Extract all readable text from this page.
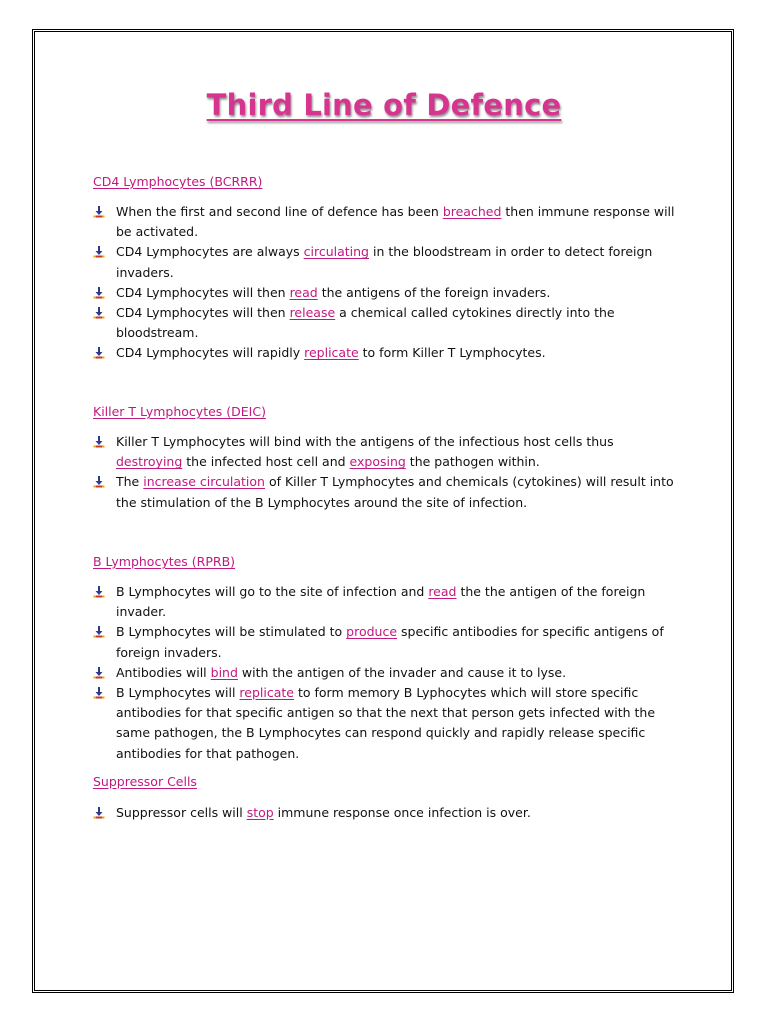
Third Line of Defence
CD4 Lymphocytes (BCRRR)
When the first and second line of defence has been breached then immune response will be activated.
CD4 Lymphocytes are always circulating in the bloodstream in order to detect foreign invaders.
CD4 Lymphocytes will then read the antigens of the foreign invaders.
CD4 Lymphocytes will then release a chemical called cytokines directly into the bloodstream.
CD4 Lymphocytes will rapidly replicate to form Killer T Lymphocytes.
Killer T Lymphocytes (DEIC)
Killer T Lymphocytes will bind with the antigens of the infectious host cells thus destroying the infected host cell and exposing the pathogen within.
The increase circulation of Killer T Lymphocytes and chemicals (cytokines) will result into the stimulation of the B Lymphocytes around the site of infection.
B Lymphocytes (RPRB)
B Lymphocytes will go to the site of infection and read the the antigen of the foreign invader.
B Lymphocytes will be stimulated to produce specific antibodies for specific antigens of foreign invaders.
Antibodies will bind with the antigen of the invader and cause it to lyse.
B Lymphocytes will replicate to form memory B Lyphocytes which will store specific antibodies for that specific antigen so that the next that person gets infected with the same pathogen, the B Lymphocytes can respond quickly and rapidly release specific antibodies for that pathogen.
Suppressor Cells
Suppressor cells will stop immune response once infection is over.
